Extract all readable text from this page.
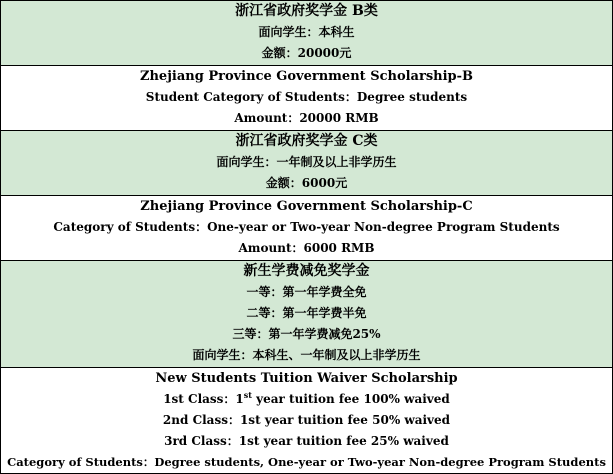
浙江省政府奖学金 B类
面向学生：本科生
金额：20000元
Zhejiang Province Government Scholarship-B
Student Category of Students：Degree students
Amount：20000 RMB
浙江省政府奖学金 C类
面向学生：一年制及以上非学历生
金额：6000元
Zhejiang Province Government Scholarship-C
Category of Students：One-year or Two-year Non-degree Program Students
Amount：6000 RMB
新生学费减免奖学金
一等：第一年学费全免
二等：第一年学费半免
三等：第一年学费减免25%
面向学生：本科生、一年制及以上非学历生
New Students Tuition Waiver Scholarship
1st Class：1st year tuition fee 100% waived
2nd Class：1st year tuition fee 50% waived
3rd Class：1st year tuition fee 25% waived
Category of Students：Degree students, One-year or Two-year Non-degree Program Students
